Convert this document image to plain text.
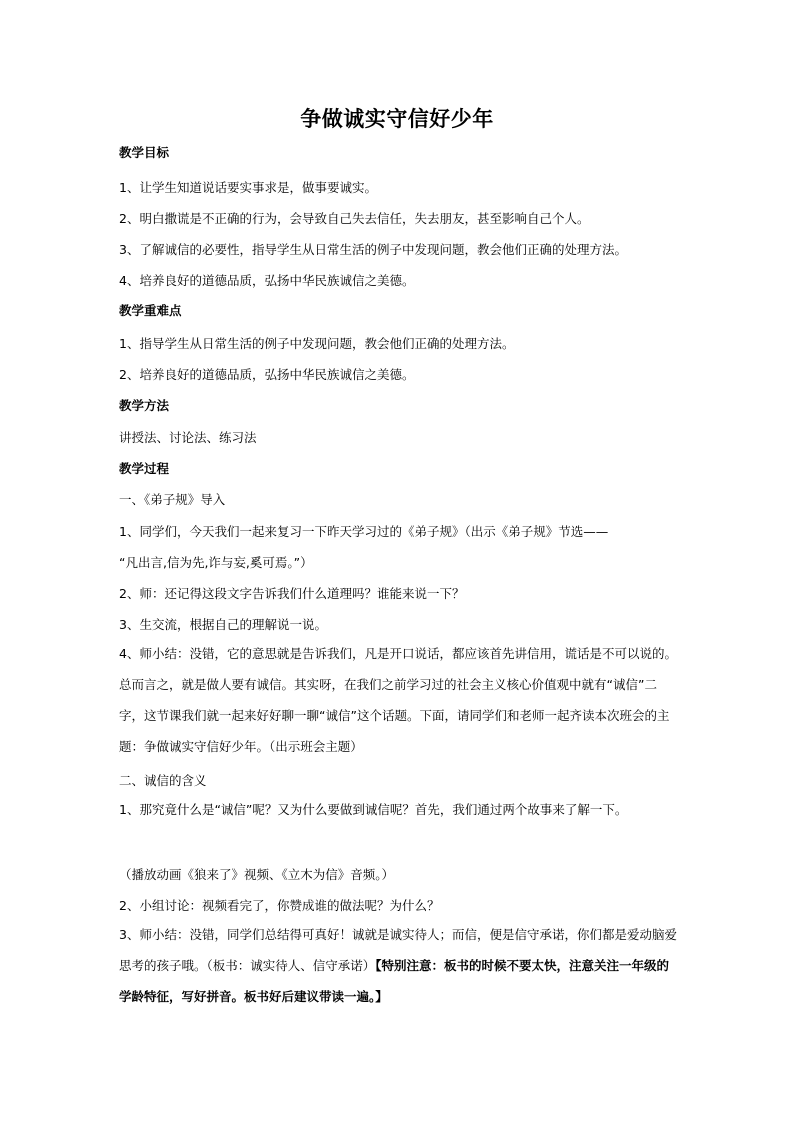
争做诚实守信好少年

教学目标

1、让学生知道说话要实事求是，做事要诚实。

2、明白撒谎是不正确的行为，会导致自己失去信任，失去朋友，甚至影响自己个人。

3、了解诚信的必要性，指导学生从日常生活的例子中发现问题，教会他们正确的处理方法。

4、培养良好的道德品质，弘扬中华民族诚信之美德。

教学重难点

1、指导学生从日常生活的例子中发现问题，教会他们正确的处理方法。

2、培养良好的道德品质，弘扬中华民族诚信之美德。

教学方法

讲授法、讨论法、练习法

教学过程

一、《弟子规》导入

1、同学们，今天我们一起来复习一下昨天学习过的《弟子规》（出示《弟子规》节选——

“凡出言,信为先,诈与妄,奚可焉。”）

2、师：还记得这段文字告诉我们什么道理吗？谁能来说一下？

3、生交流，根据自己的理解说一说。

4、师小结：没错，它的意思就是告诉我们，凡是开口说话，都应该首先讲信用，谎话是不可以说的。总而言之，就是做人要有诚信。其实呀，在我们之前学习过的社会主义核心价值观中就有“诚信”二字，这节课我们就一起来好好聊一聊“诚信”这个话题。下面，请同学们和老师一起齐读本次班会的主题：争做诚实守信好少年。（出示班会主题）

二、诚信的含义

1、那究竟什么是“诚信”呢？又为什么要做到诚信呢？首先，我们通过两个故事来了解一下。

（播放动画《狼来了》视频、《立木为信》音频。）

2、小组讨论：视频看完了，你赞成谁的做法呢？为什么？

3、师小结：没错，同学们总结得可真好！诚就是诚实待人；而信，便是信守承诺，你们都是爱动脑爱思考的孩子哦。（板书：诚实待人、信守承诺）【特别注意：板书的时候不要太快，注意关注一年级的学龄特征，写好拼音。板书好后建议带读一遍。】
